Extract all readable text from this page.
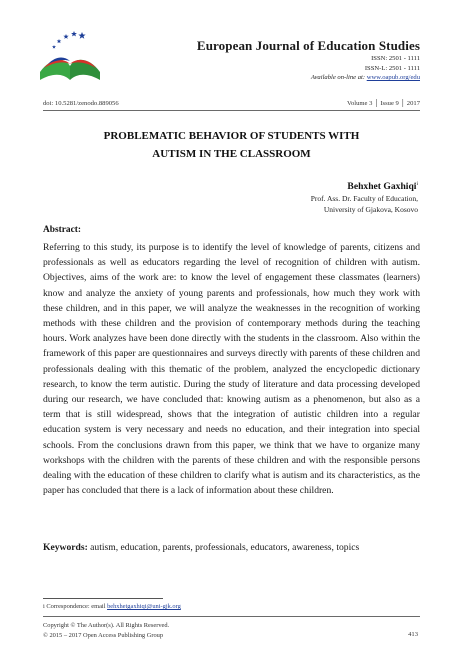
European Journal of Education Studies
ISSN: 2501 - 1111
ISSN-L: 2501 - 1111
Available on-line at: www.oapub.org/edu
doi: 10.5281/zenodo.889056	Volume 3 │ Issue 9 │ 2017
PROBLEMATIC BEHAVIOR OF STUDENTS WITH
AUTISM IN THE CLASSROOM
Behxhet Gaxhiqi$^i$
Prof. Ass. Dr. Faculty of Education,
University of Gjakova, Kosovo
Abstract:
Referring to this study, its purpose is to identify the level of knowledge of parents, citizens and professionals as well as educators regarding the level of recognition of children with autism. Objectives, aims of the work are: to know the level of engagement these classmates (learners) know and analyze the anxiety of young parents and professionals, how much they work with these children, and in this paper, we will analyze the weaknesses in the recognition of working methods with these children and the provision of contemporary methods during the teaching hours. Work analyzes have been done directly with the students in the classroom. Also within the framework of this paper are questionnaires and surveys directly with parents of these children and professionals dealing with this thematic of the problem, analyzed the encyclopedic dictionary research, to know the term autistic. During the study of literature and data processing developed during our research, we have concluded that: knowing autism as a phenomenon, but also as a term that is still widespread, shows that the integration of autistic children into a regular education system is very necessary and needs no education, and their integration into special schools. From the conclusions drawn from this paper, we think that we have to organize many workshops with the children with the parents of these children and with the responsible persons dealing with the education of these children to clarify what is autism and its characteristics, as the paper has concluded that there is a lack of information about these children.
Keywords: autism, education, parents, professionals, educators, awareness, topics
i Correspondence: email behxhetgaxhiqi@uni-gjk.org
Copyright © The Author(s). All Rights Reserved.
© 2015 – 2017 Open Access Publishing Group	413
